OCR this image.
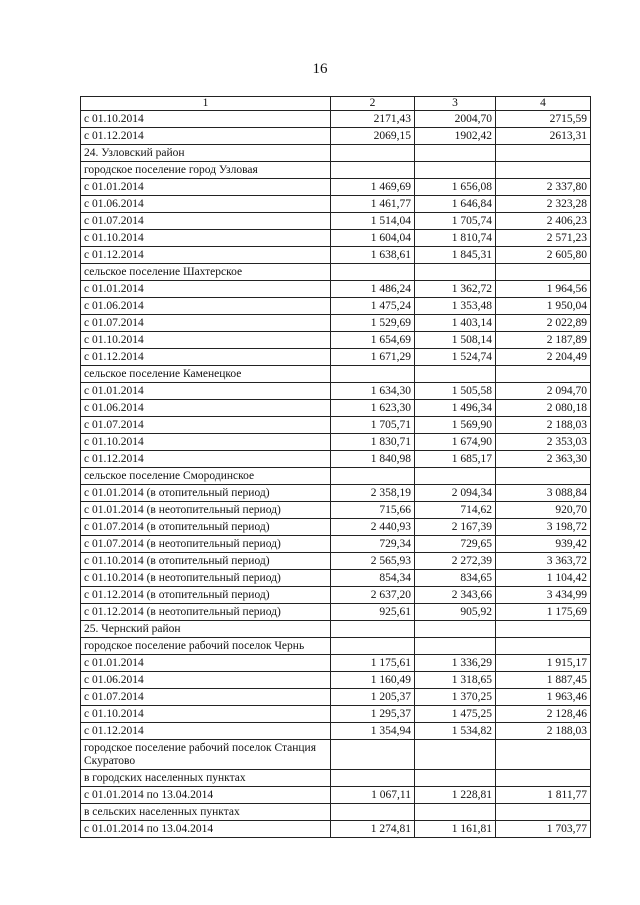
16
1	2	3	4
с 01.10.2014	2171,43	2004,70	2715,59
с 01.12.2014	2069,15	1902,42	2613,31
24. Узловский район			
городское поселение город Узловая			
с 01.01.2014	1 469,69	1 656,08	2 337,80
с 01.06.2014	1 461,77	1 646,84	2 323,28
с 01.07.2014	1 514,04	1 705,74	2 406,23
с 01.10.2014	1 604,04	1 810,74	2 571,23
с 01.12.2014	1 638,61	1 845,31	2 605,80
сельское поселение Шахтерское			
с 01.01.2014	1 486,24	1 362,72	1 964,56
с 01.06.2014	1 475,24	1 353,48	1 950,04
с 01.07.2014	1 529,69	1 403,14	2 022,89
с 01.10.2014	1 654,69	1 508,14	2 187,89
с 01.12.2014	1 671,29	1 524,74	2 204,49
сельское поселение Каменецкое			
с 01.01.2014	1 634,30	1 505,58	2 094,70
с 01.06.2014	1 623,30	1 496,34	2 080,18
с 01.07.2014	1 705,71	1 569,90	2 188,03
с 01.10.2014	1 830,71	1 674,90	2 353,03
с 01.12.2014	1 840,98	1 685,17	2 363,30
сельское поселение Смородинское			
с 01.01.2014 (в отопительный период)	2 358,19	2 094,34	3 088,84
с 01.01.2014 (в неотопительный период)	715,66	714,62	920,70
с 01.07.2014 (в отопительный период)	2 440,93	2 167,39	3 198,72
с 01.07.2014 (в неотопительный период)	729,34	729,65	939,42
с 01.10.2014 (в отопительный период)	2 565,93	2 272,39	3 363,72
с 01.10.2014 (в неотопительный период)	854,34	834,65	1 104,42
с 01.12.2014 (в отопительный период)	2 637,20	2 343,66	3 434,99
с 01.12.2014 (в неотопительный период)	925,61	905,92	1 175,69
25. Чернский район			
городское поселение рабочий поселок Чернь			
с 01.01.2014	1 175,61	1 336,29	1 915,17
с 01.06.2014	1 160,49	1 318,65	1 887,45
с 01.07.2014	1 205,37	1 370,25	1 963,46
с 01.10.2014	1 295,37	1 475,25	2 128,46
с 01.12.2014	1 354,94	1 534,82	2 188,03
городское поселение рабочий поселок Станция Скуратово			
в городских населенных пунктах			
с 01.01.2014 по 13.04.2014	1 067,11	1 228,81	1 811,77
в сельских населенных пунктах			
с 01.01.2014 по 13.04.2014	1 274,81	1 161,81	1 703,77
